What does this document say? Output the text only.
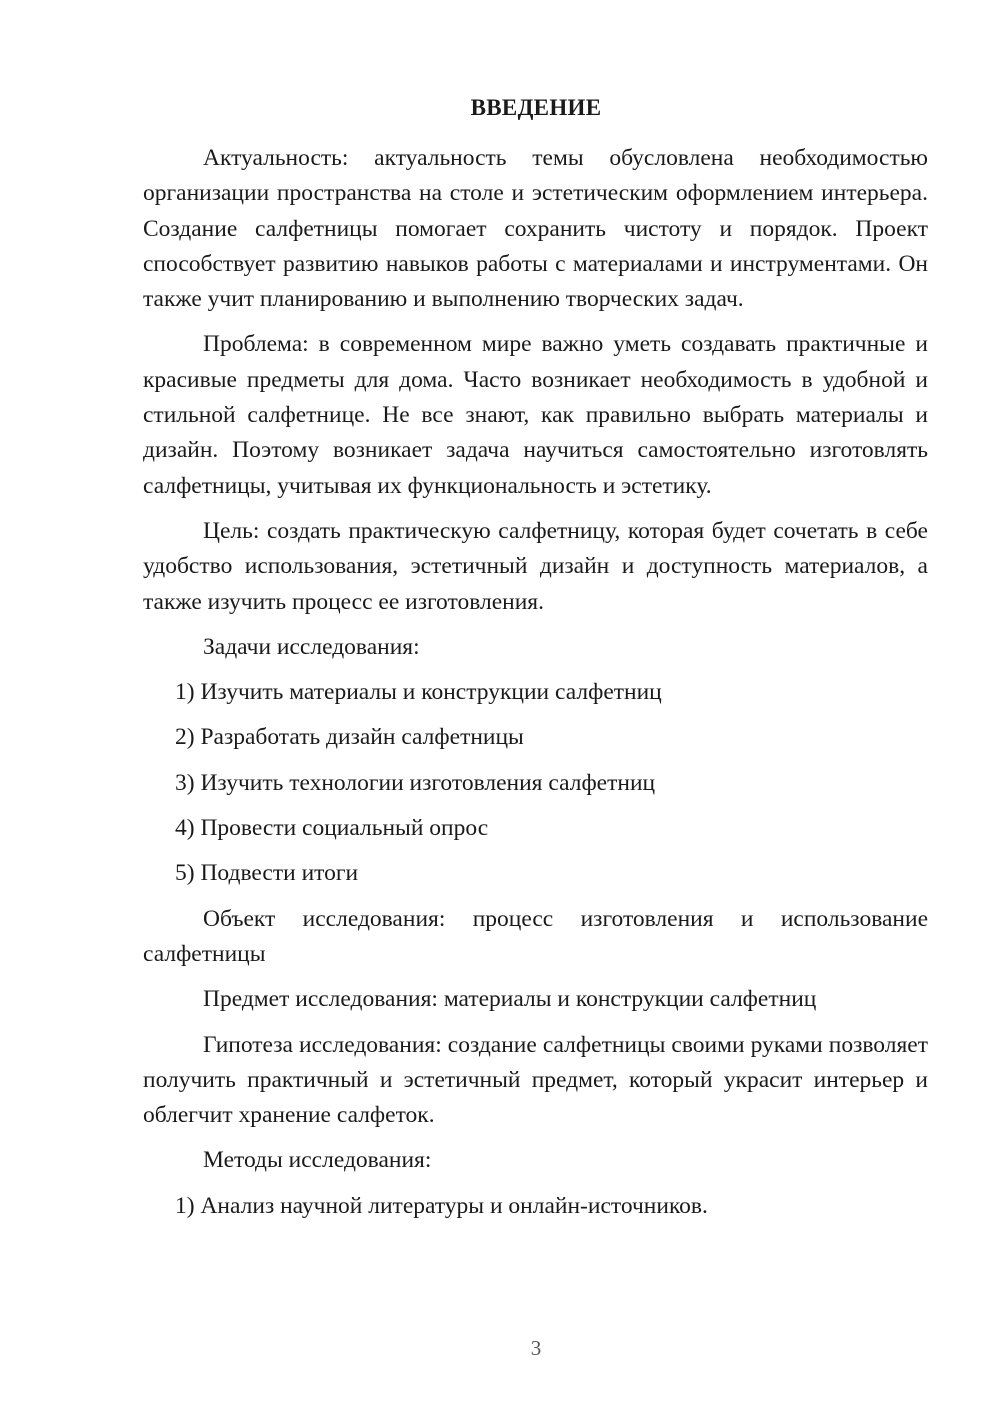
ВВЕДЕНИЕ

Актуальность: актуальность темы обусловлена необходимостью организации пространства на столе и эстетическим оформлением интерьера. Создание салфетницы помогает сохранить чистоту и порядок. Проект способствует развитию навыков работы с материалами и инструментами. Он также учит планированию и выполнению творческих задач.

Проблема: в современном мире важно уметь создавать практичные и красивые предметы для дома. Часто возникает необходимость в удобной и стильной салфетнице. Не все знают, как правильно выбрать материалы и дизайн. Поэтому возникает задача научиться самостоятельно изготовлять салфетницы, учитывая их функциональность и эстетику.

Цель: создать практическую салфетницу, которая будет сочетать в себе удобство использования, эстетичный дизайн и доступность материалов, а также изучить процесс ее изготовления.

Задачи исследования:

1) Изучить материалы и конструкции салфетниц

2) Разработать дизайн салфетницы

3) Изучить технологии изготовления салфетниц

4) Провести социальный опрос

5) Подвести итоги

Объект исследования: процесс изготовления и использование салфетницы

Предмет исследования: материалы и конструкции салфетниц

Гипотеза исследования: создание салфетницы своими руками позволяет получить практичный и эстетичный предмет, который украсит интерьер и облегчит хранение салфеток.

Методы исследования:

1) Анализ научной литературы и онлайн-источников.

3
